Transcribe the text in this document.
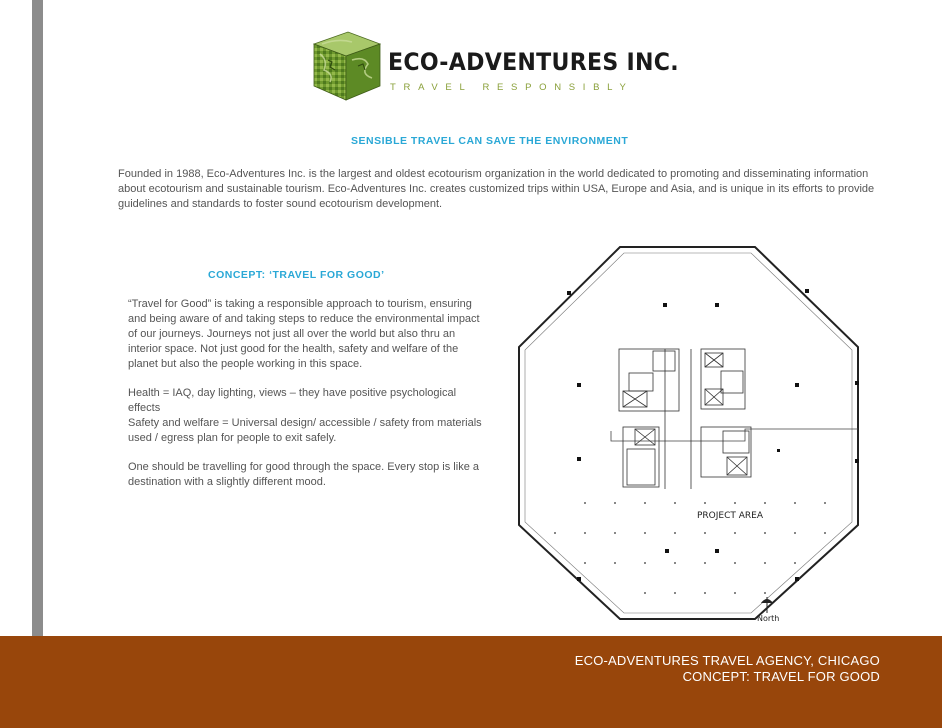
ECO-ADVENTURES INC.
TRAVEL RESPONSIBLY
SENSIBLE TRAVEL CAN SAVE THE ENVIRONMENT

Founded in 1988, Eco-Adventures Inc. is the largest and oldest ecotourism organization in the world dedicated to promoting and disseminating information about ecotourism and sustainable tourism. Eco-Adventures Inc. creates customized trips within USA, Europe and Asia, and is unique in its efforts to provide guidelines and standards to foster sound ecotourism development.

CONCEPT: ‘TRAVEL FOR GOOD’

“Travel for Good” is taking a responsible approach to tourism, ensuring and being aware of and taking steps to reduce the environmental impact of our journeys. Journeys not just all over the world but also thru an interior space. Not just good for the health, safety and welfare of the planet but also the people working in this space.

Health = IAQ, day lighting, views – they have positive psychological effects

Safety and welfare = Universal design/ accessible / safety from materials used / egress plan for people to exit safely.

One should be travelling for good through the space. Every stop is like a destination with a slightly different mood.

PROJECT AREA
North
ECO-ADVENTURES TRAVEL AGENCY, CHICAGO
CONCEPT: TRAVEL FOR GOOD
